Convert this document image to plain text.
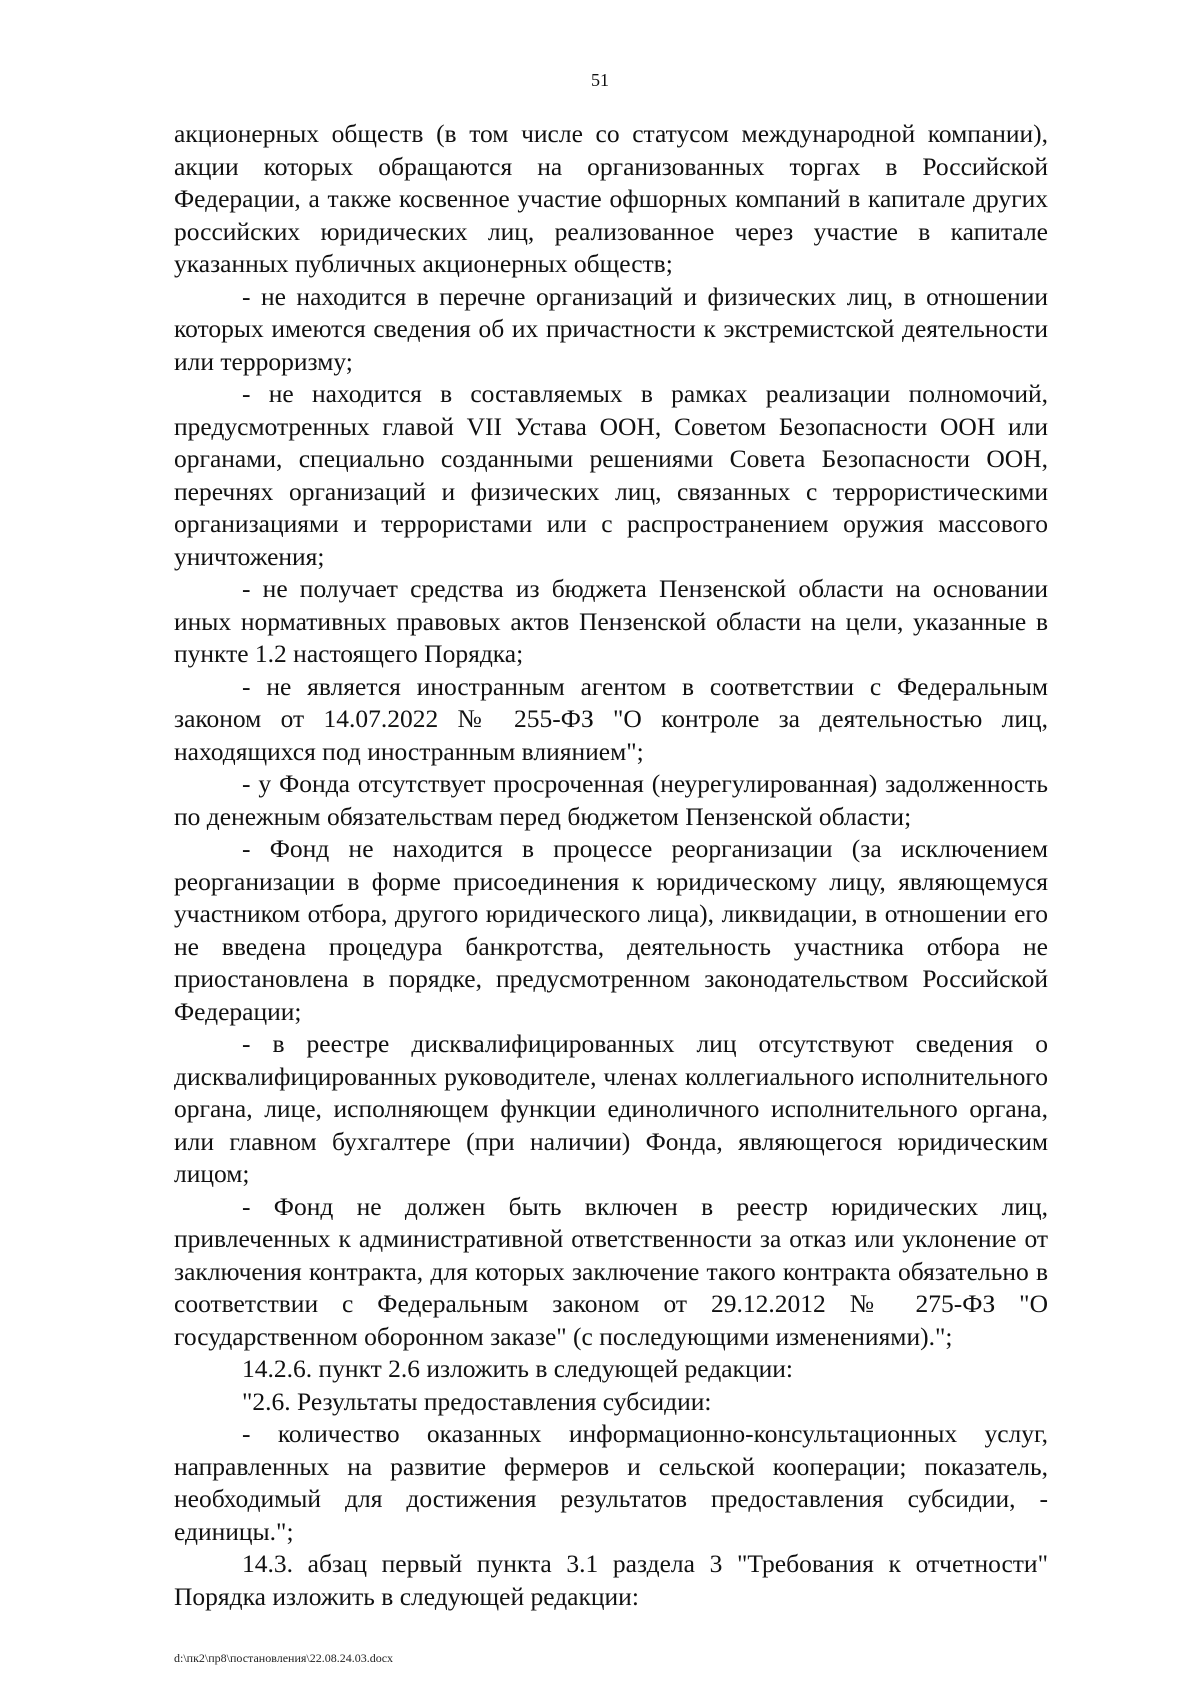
51

акционерных обществ (в том числе со статусом международной компании), акции которых обращаются на организованных торгах в Российской Федерации, а также косвенное участие офшорных компаний в капитале других российских юридических лиц, реализованное через участие в капитале указанных публичных акционерных обществ;

- не находится в перечне организаций и физических лиц, в отношении которых имеются сведения об их причастности к экстремистской деятельности или терроризму;

- не находится в составляемых в рамках реализации полномочий, предусмотренных главой VII Устава ООН, Советом Безопасности ООН или органами, специально созданными решениями Совета Безопасности ООН, перечнях организаций и физических лиц, связанных с террористическими организациями и террористами или с распространением оружия массового уничтожения;

- не получает средства из бюджета Пензенской области на основании иных нормативных правовых актов Пензенской области на цели, указанные в пункте 1.2 настоящего Порядка;

- не является иностранным агентом в соответствии с Федеральным законом от 14.07.2022 № 255-ФЗ "О контроле за деятельностью лиц, находящихся под иностранным влиянием";

- у Фонда отсутствует просроченная (неурегулированная) задолженность по денежным обязательствам перед бюджетом Пензенской области;

- Фонд не находится в процессе реорганизации (за исключением реорганизации в форме присоединения к юридическому лицу, являющемуся участником отбора, другого юридического лица), ликвидации, в отношении его не введена процедура банкротства, деятельность участника отбора не приостановлена в порядке, предусмотренном законодательством Российской Федерации;

- в реестре дисквалифицированных лиц отсутствуют сведения о дисквалифицированных руководителе, членах коллегиального исполнительного органа, лице, исполняющем функции единоличного исполнительного органа, или главном бухгалтере (при наличии) Фонда, являющегося юридическим лицом;

- Фонд не должен быть включен в реестр юридических лиц, привлеченных к административной ответственности за отказ или уклонение от заключения контракта, для которых заключение такого контракта обязательно в соответствии с Федеральным законом от 29.12.2012 № 275-ФЗ "О государственном оборонном заказе" (с последующими изменениями).";

14.2.6. пункт 2.6 изложить в следующей редакции:

"2.6. Результаты предоставления субсидии:

- количество оказанных информационно-консультационных услуг, направленных на развитие фермеров и сельской кооперации; показатель, необходимый для достижения результатов предоставления субсидии, - единицы.";

14.3. абзац первый пункта 3.1 раздела 3 "Требования к отчетности" Порядка изложить в следующей редакции:

d:\пк2\пр8\постановления\22.08.24.03.docx
